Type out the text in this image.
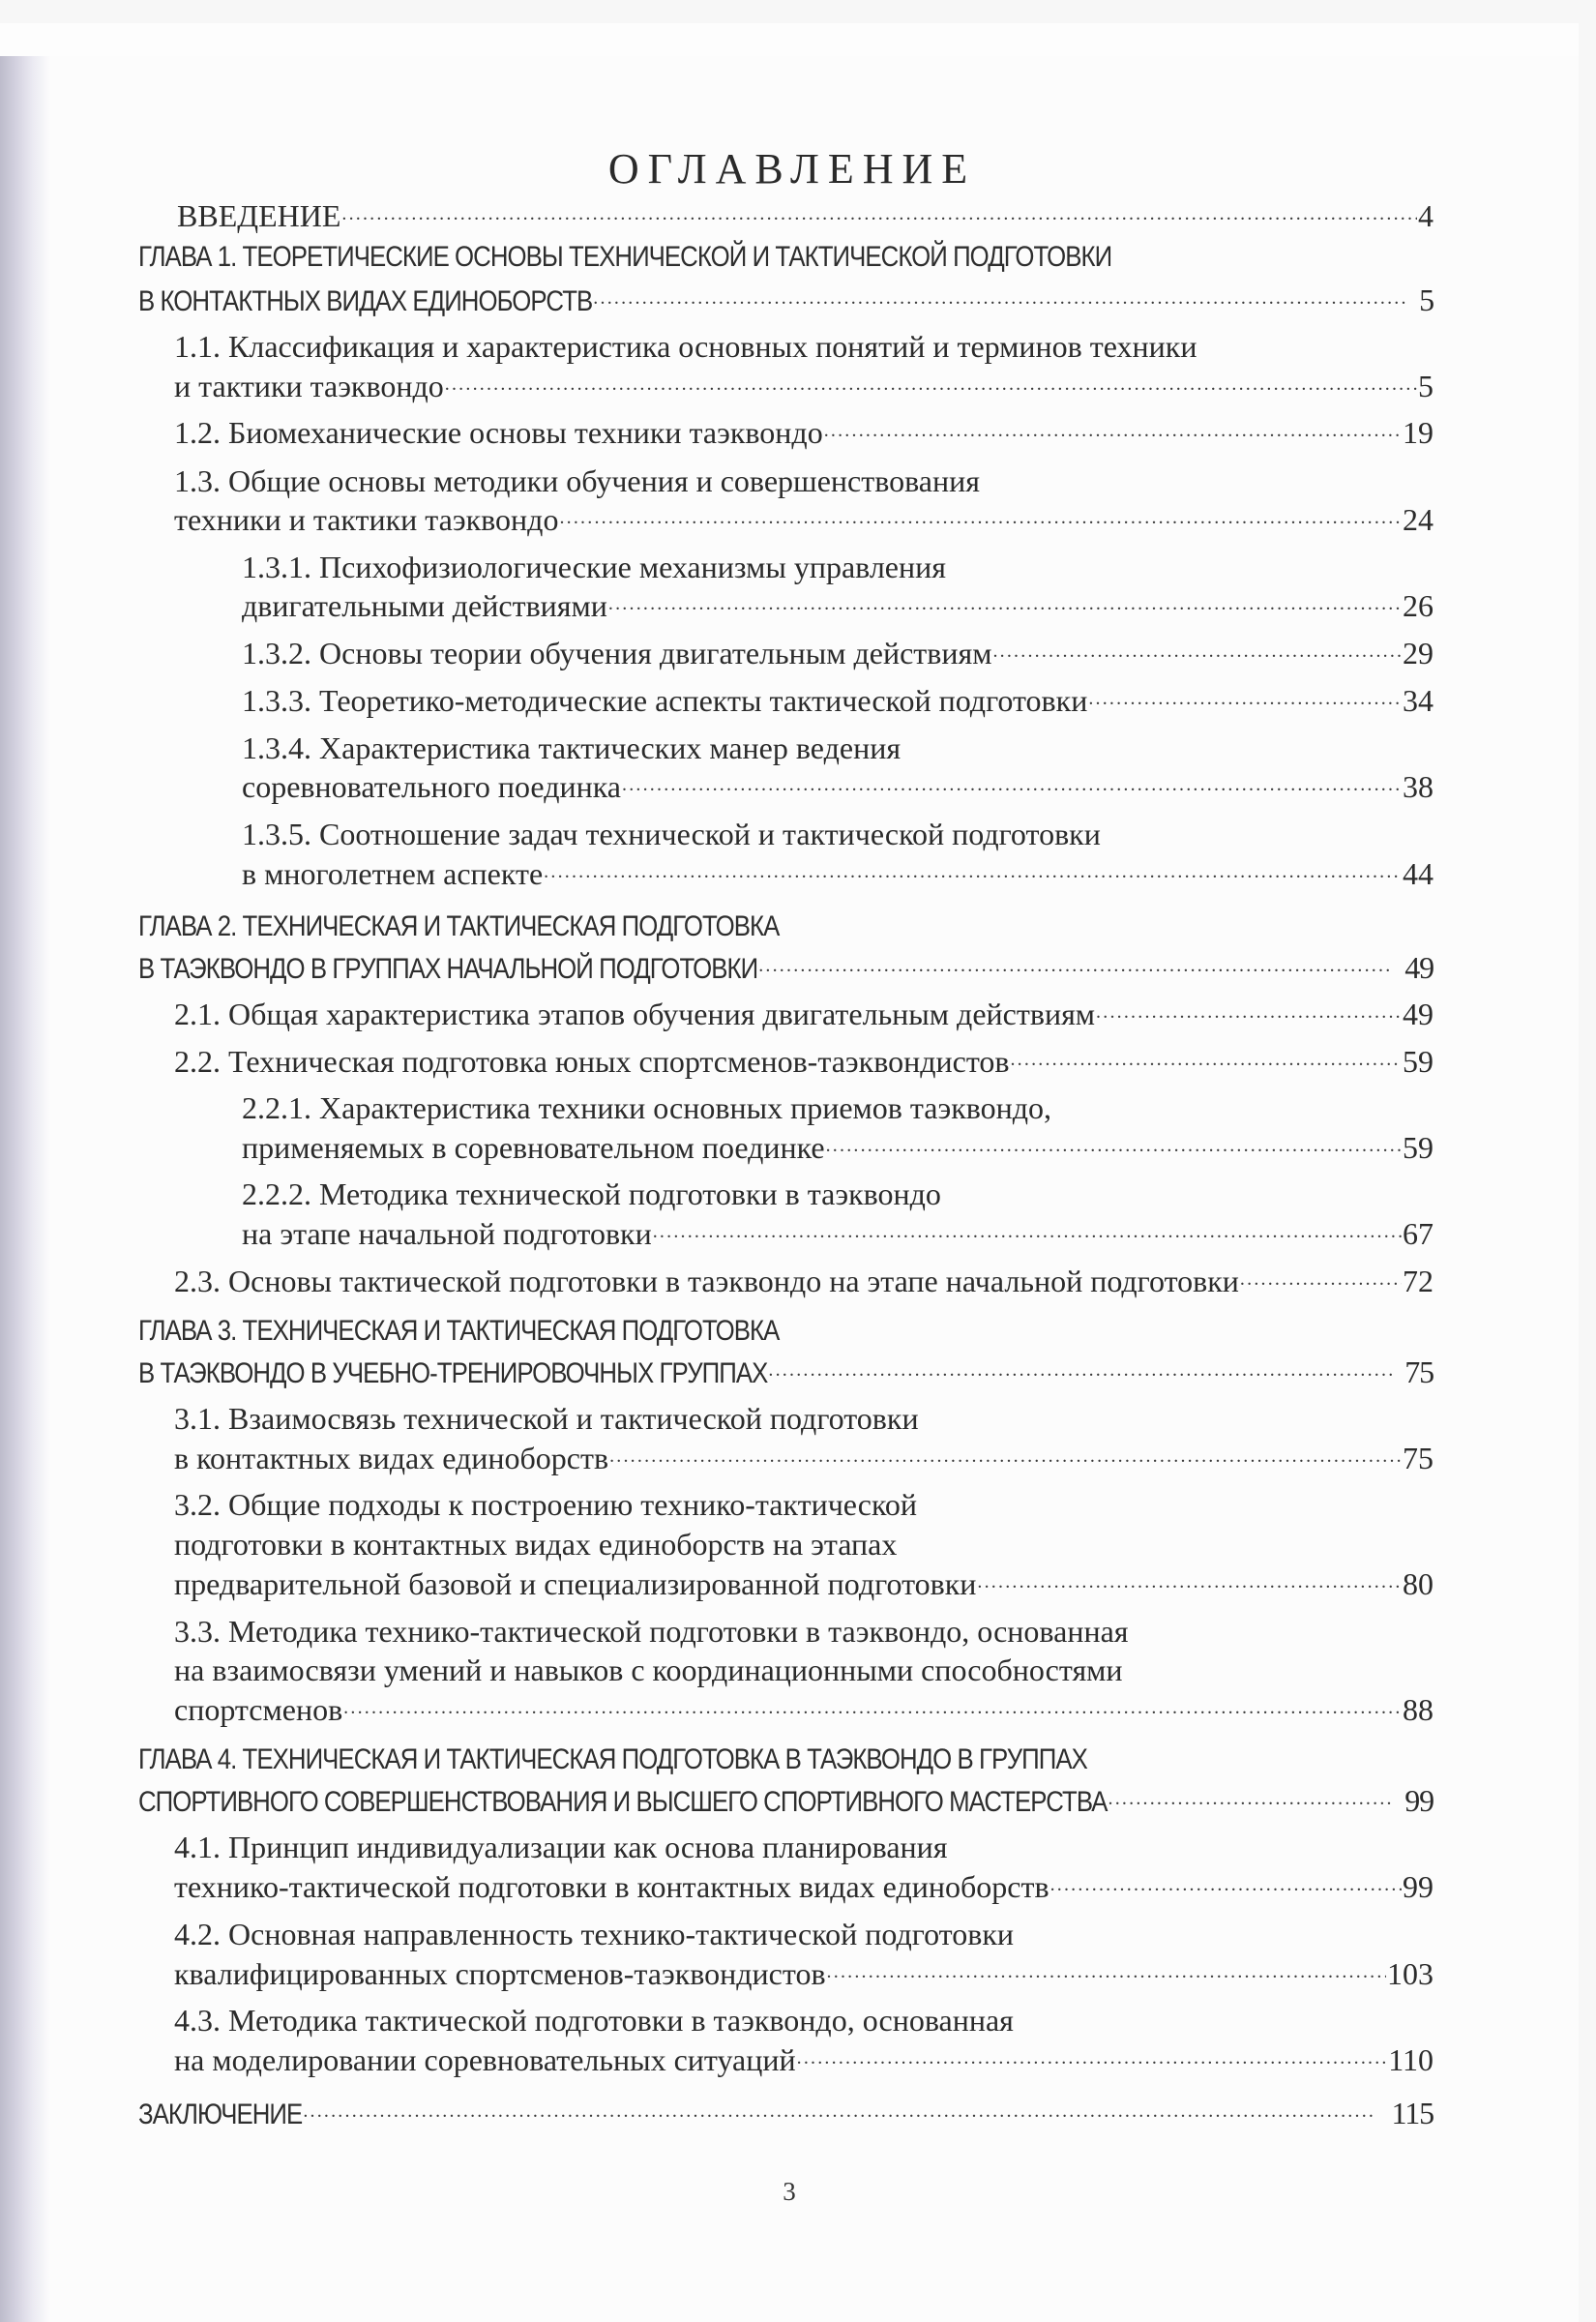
ОГЛАВЛЕНИЕ
ВВЕДЕНИЕ .....	4
ГЛАВА 1. ТЕОРЕТИЧЕСКИЕ ОСНОВЫ ТЕХНИЧЕСКОЙ И ТАКТИЧЕСКОЙ ПОДГОТОВКИ
В КОНТАКТНЫХ ВИДАХ ЕДИНОБОРСТВ .....	5
1.1. Классификация и характеристика основных понятий и терминов техники
и тактики таэквондо .....	5
1.2. Биомеханические основы техники таэквондо .....	19
1.3. Общие основы методики обучения и совершенствования
техники и тактики таэквондо .....	24
1.3.1. Психофизиологические механизмы управления
двигательными действиями .....	26
1.3.2. Основы теории обучения двигательным действиям .....	29
1.3.3. Теоретико-методические аспекты тактической подготовки .....	34
1.3.4. Характеристика тактических манер ведения
соревновательного поединка .....	38
1.3.5. Соотношение задач технической и тактической подготовки
в многолетнем аспекте .....	44
ГЛАВА 2. ТЕХНИЧЕСКАЯ И ТАКТИЧЕСКАЯ ПОДГОТОВКА
В ТАЭКВОНДО В ГРУППАХ НАЧАЛЬНОЙ ПОДГОТОВКИ .....	49
2.1. Общая характеристика этапов обучения двигательным действиям .....	49
2.2. Техническая подготовка юных спортсменов-таэквондистов .....	59
2.2.1. Характеристика техники основных приемов таэквондо,
применяемых в соревновательном поединке .....	59
2.2.2. Методика технической подготовки в таэквондо
на этапе начальной подготовки .....	67
2.3. Основы тактической подготовки в таэквондо на этапе начальной подготовки .....	72
ГЛАВА 3. ТЕХНИЧЕСКАЯ И ТАКТИЧЕСКАЯ ПОДГОТОВКА
В ТАЭКВОНДО В УЧЕБНО-ТРЕНИРОВОЧНЫХ ГРУППАХ .....	75
3.1. Взаимосвязь технической и тактической подготовки
в контактных видах единоборств .....	75
3.2. Общие подходы к построению технико-тактической
подготовки в контактных видах единоборств на этапах
предварительной базовой и специализированной подготовки .....	80
3.3. Методика технико-тактической подготовки в таэквондо, основанная
на взаимосвязи умений и навыков с координационными способностями
спортсменов .....	88
ГЛАВА 4. ТЕХНИЧЕСКАЯ И ТАКТИЧЕСКАЯ ПОДГОТОВКА В ТАЭКВОНДО В ГРУППАХ
СПОРТИВНОГО СОВЕРШЕНСТВОВАНИЯ И ВЫСШЕГО СПОРТИВНОГО МАСТЕРСТВА .....	99
4.1. Принцип индивидуализации как основа планирования
технико-тактической подготовки в контактных видах единоборств .....	99
4.2. Основная направленность технико-тактической подготовки
квалифицированных спортсменов-таэквондистов .....	103
4.3. Методика тактической подготовки в таэквондо, основанная
на моделировании соревновательных ситуаций .....	110
ЗАКЛЮЧЕНИЕ .....	115
3
